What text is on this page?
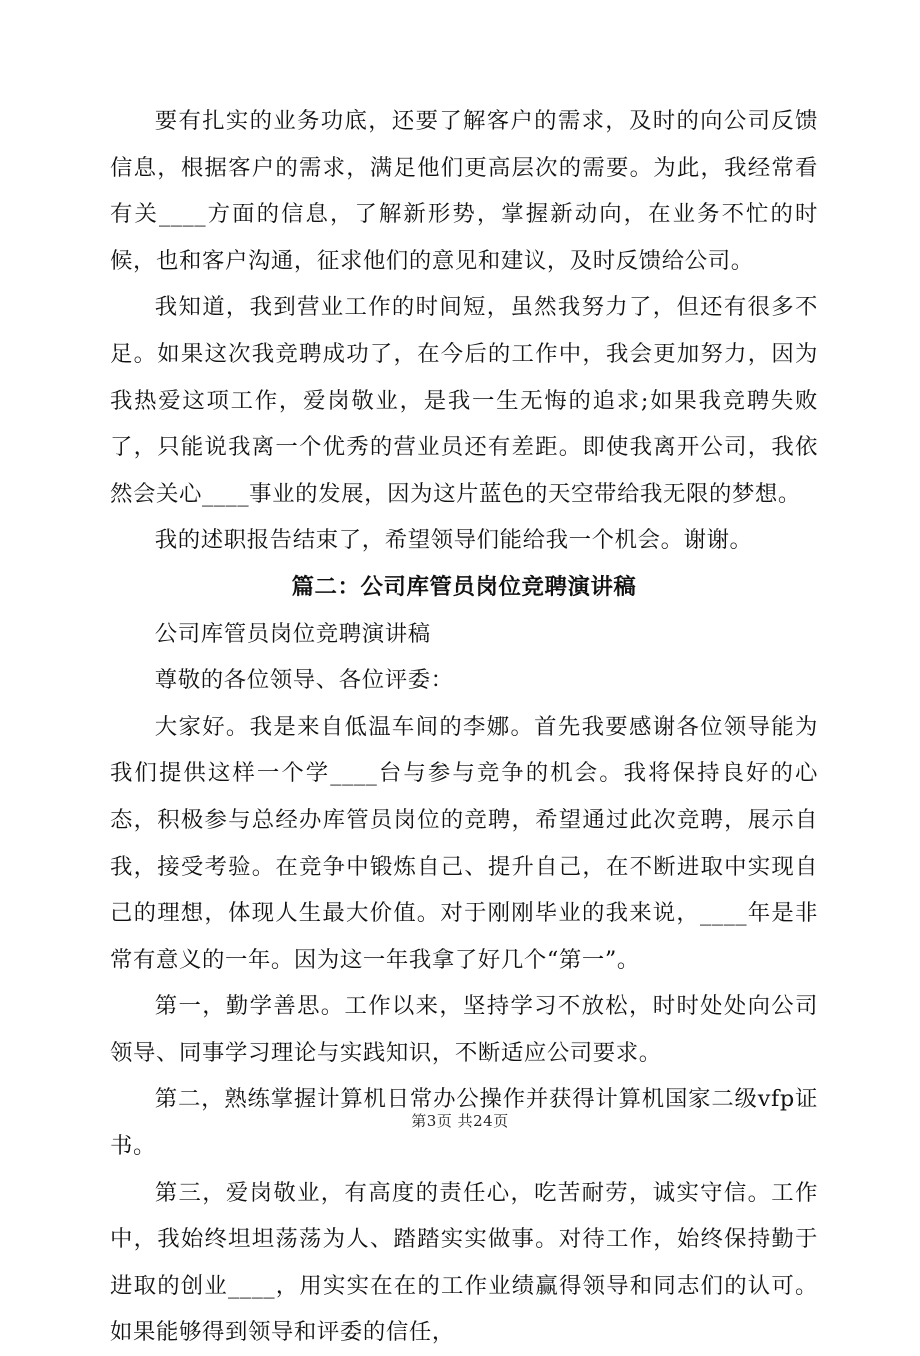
要有扎实的业务功底，还要了解客户的需求，及时的向公司反馈信息，根据客户的需求，满足他们更高层次的需要。为此，我经常看有关____方面的信息，了解新形势，掌握新动向，在业务不忙的时候，也和客户沟通，征求他们的意见和建议，及时反馈给公司。

我知道，我到营业工作的时间短，虽然我努力了，但还有很多不足。如果这次我竞聘成功了，在今后的工作中，我会更加努力，因为我热爱这项工作，爱岗敬业，是我一生无悔的追求;如果我竞聘失败了，只能说我离一个优秀的营业员还有差距。即使我离开公司，我依然会关心____事业的发展，因为这片蓝色的天空带给我无限的梦想。

我的述职报告结束了，希望领导们能给我一个机会。谢谢。

篇二：公司库管员岗位竞聘演讲稿

公司库管员岗位竞聘演讲稿

尊敬的各位领导、各位评委：

大家好。我是来自低温车间的李娜。首先我要感谢各位领导能为我们提供这样一个学____台与参与竞争的机会。我将保持良好的心态，积极参与总经办库管员岗位的竞聘，希望通过此次竞聘，展示自我，接受考验。在竞争中锻炼自己、提升自己，在不断进取中实现自己的理想，体现人生最大价值。对于刚刚毕业的我来说，____年是非常有意义的一年。因为这一年我拿了好几个“第一”。

第一，勤学善思。工作以来，坚持学习不放松，时时处处向公司领导、同事学习理论与实践知识，不断适应公司要求。

第二，熟练掌握计算机日常办公操作并获得计算机国家二级vfp证书。

第三，爱岗敬业，有高度的责任心，吃苦耐劳，诚实守信。工作中，我始终坦坦荡荡为人、踏踏实实做事。对待工作，始终保持勤于进取的创业____，用实实在在的工作业绩赢得领导和同志们的认可。如果能够得到领导和评委的信任，

第3页 共24页
